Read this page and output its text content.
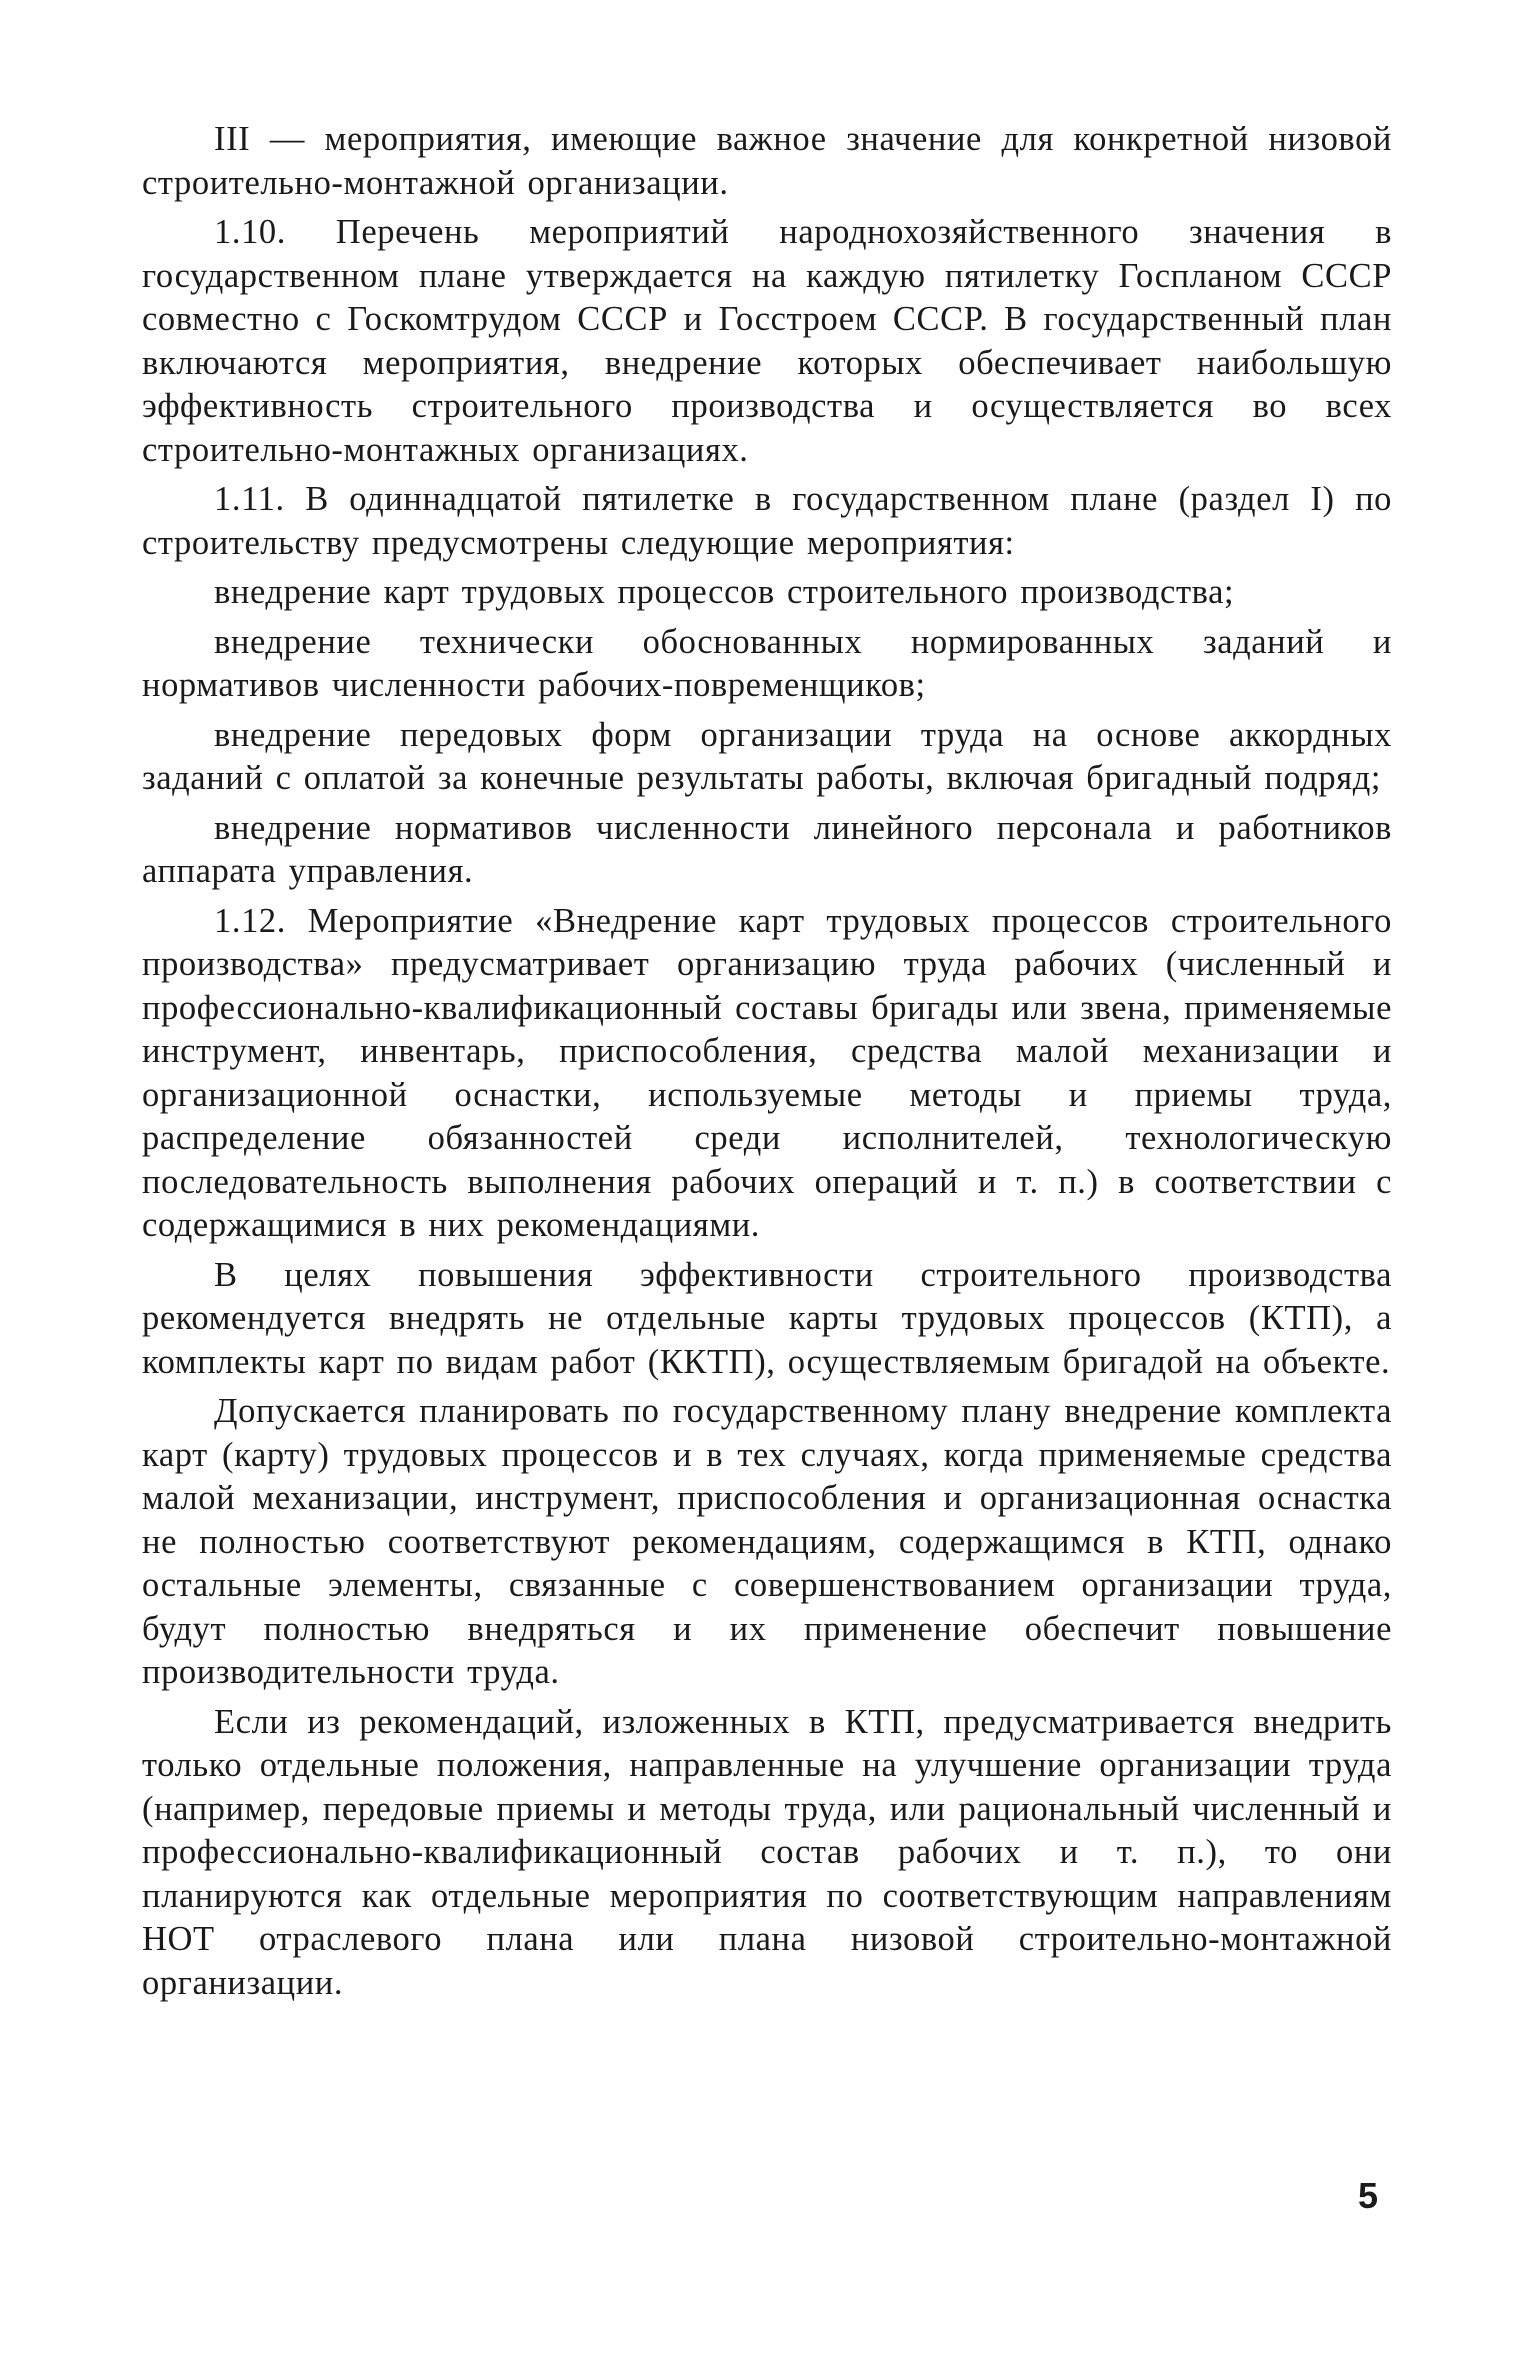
III — мероприятия, имеющие важное значение для конкретной низовой строительно-монтажной организации.

1.10. Перечень мероприятий народнохозяйственного значения в государственном плане утверждается на каждую пятилетку Госпланом СССР совместно с Госкомтрудом СССР и Госстроем СССР. В государственный план включаются мероприятия, внедрение которых обеспечивает наибольшую эффективность строительного производства и осуществляется во всех строительно-монтажных организациях.

1.11. В одиннадцатой пятилетке в государственном плане (раздел I) по строительству предусмотрены следующие мероприятия:

внедрение карт трудовых процессов строительного производства;

внедрение технически обоснованных нормированных заданий и нормативов численности рабочих-повременщиков;

внедрение передовых форм организации труда на основе аккордных заданий с оплатой за конечные результаты работы, включая бригадный подряд;

внедрение нормативов численности линейного персонала и работников аппарата управления.

1.12. Мероприятие «Внедрение карт трудовых процессов строительного производства» предусматривает организацию труда рабочих (численный и профессионально-квалификационный составы бригады или звена, применяемые инструмент, инвентарь, приспособления, средства малой механизации и организационной оснастки, используемые методы и приемы труда, распределение обязанностей среди исполнителей, технологическую последовательность выполнения рабочих операций и т. п.) в соответствии с содержащимися в них рекомендациями.

В целях повышения эффективности строительного производства рекомендуется внедрять не отдельные карты трудовых процессов (КТП), а комплекты карт по видам работ (ККТП), осуществляемым бригадой на объекте.

Допускается планировать по государственному плану внедрение комплекта карт (карту) трудовых процессов и в тех случаях, когда применяемые средства малой механизации, инструмент, приспособления и организационная оснастка не полностью соответствуют рекомендациям, содержащимся в КТП, однако остальные элементы, связанные с совершенствованием организации труда, будут полностью внедряться и их применение обеспечит повышение производительности труда.

Если из рекомендаций, изложенных в КТП, предусматривается внедрить только отдельные положения, направленные на улучшение организации труда (например, передовые приемы и методы труда, или рациональный численный и профессионально-квалификационный состав рабочих и т. п.), то они планируются как отдельные мероприятия по соответствующим направлениям НОТ отраслевого плана или плана низовой строительно-монтажной организации.

5
